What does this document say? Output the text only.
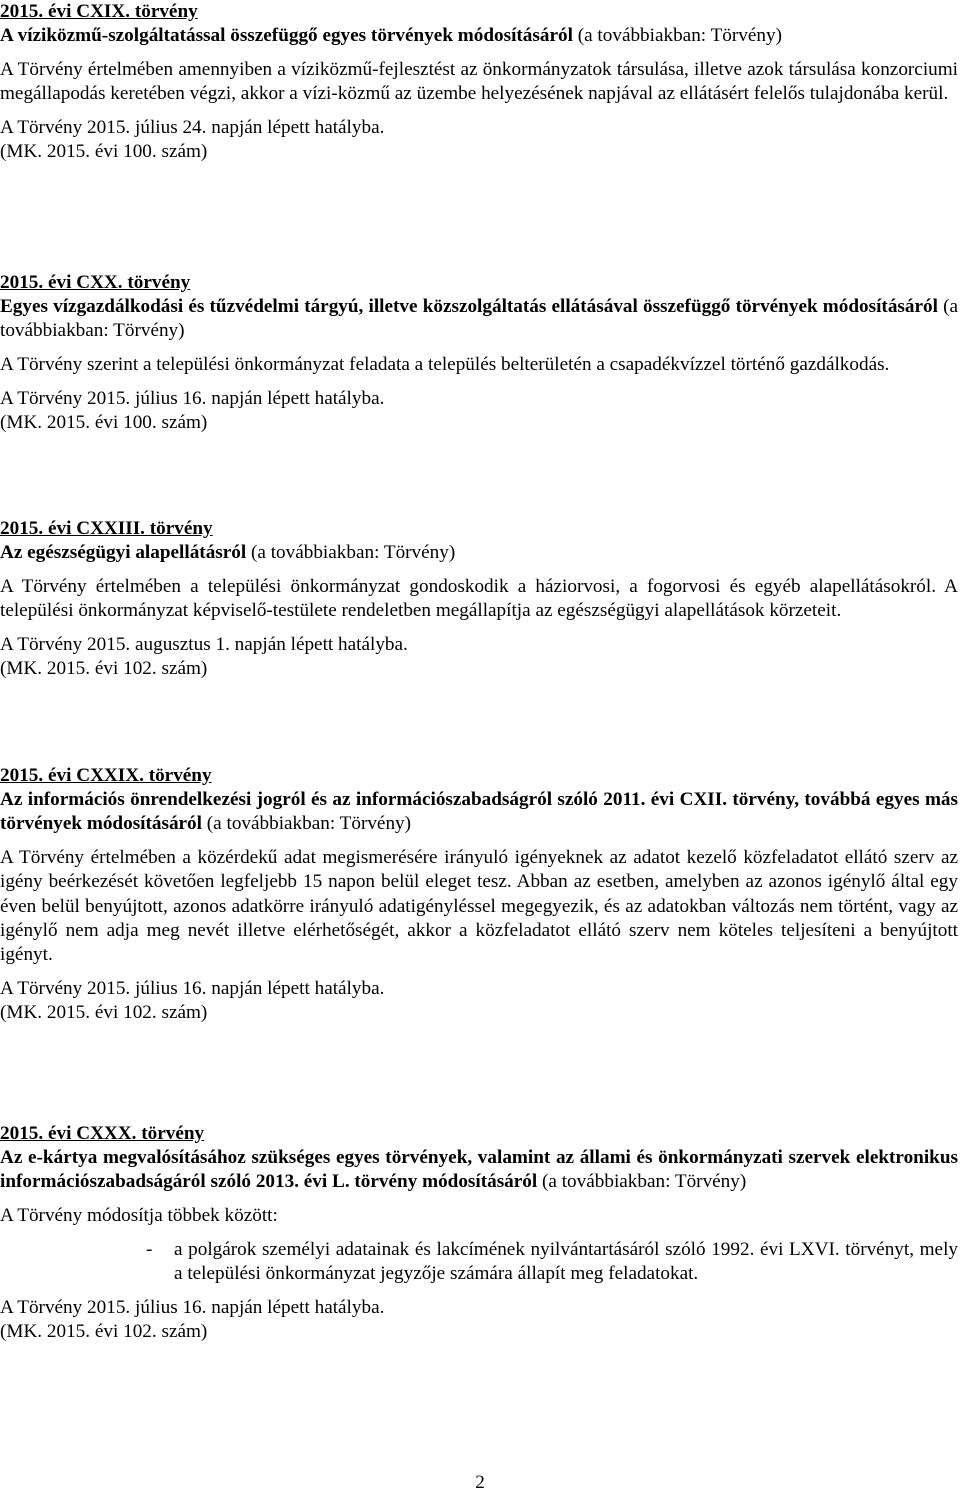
2015. évi CXIX. törvény

A víziközmű-szolgáltatással összefüggő egyes törvények módosításáról (a továbbiakban: Törvény)

A Törvény értelmében amennyiben a víziközmű-fejlesztést az önkormányzatok társulása, illetve azok társulása konzorciumi megállapodás keretében végzi, akkor a vízi-közmű az üzembe helyezésének napjával az ellátásért felelős tulajdonába kerül.

A Törvény 2015. július 24. napján lépett hatályba.

(MK. 2015. évi 100. szám)

2015. évi CXX. törvény

Egyes vízgazdálkodási és tűzvédelmi tárgyú, illetve közszolgáltatás ellátásával összefüggő törvények módosításáról (a továbbiakban: Törvény)

A Törvény szerint a települési önkormányzat feladata a település belterületén a csapadékvízzel történő gazdálkodás.

A Törvény 2015. július 16. napján lépett hatályba.

(MK. 2015. évi 100. szám)

2015. évi CXXIII. törvény

Az egészségügyi alapellátásról (a továbbiakban: Törvény)

A Törvény értelmében a települési önkormányzat gondoskodik a háziorvosi, a fogorvosi és egyéb alapellátásokról. A települési önkormányzat képviselő-testülete rendeletben megállapítja az egészségügyi alapellátások körzeteit.

A Törvény 2015. augusztus 1. napján lépett hatályba.

(MK. 2015. évi 102. szám)

2015. évi CXXIX. törvény

Az információs önrendelkezési jogról és az információszabadságról szóló 2011. évi CXII. törvény, továbbá egyes más törvények módosításáról (a továbbiakban: Törvény)

A Törvény értelmében a közérdekű adat megismerésére irányuló igényeknek az adatot kezelő közfeladatot ellátó szerv az igény beérkezését követően legfeljebb 15 napon belül eleget tesz. Abban az esetben, amelyben az azonos igénylő által egy éven belül benyújtott, azonos adatkörre irányuló adatigényléssel megegyezik, és az adatokban változás nem történt, vagy az igénylő nem adja meg nevét illetve elérhetőségét, akkor a közfeladatot ellátó szerv nem köteles teljesíteni a benyújtott igényt.

A Törvény 2015. július 16. napján lépett hatályba.

(MK. 2015. évi 102. szám)

2015. évi CXXX. törvény

Az e-kártya megvalósításához szükséges egyes törvények, valamint az állami és önkormányzati szervek elektronikus információszabadságáról szóló 2013. évi L. törvény módosításáról (a továbbiakban: Törvény)

A Törvény módosítja többek között:

- a polgárok személyi adatainak és lakcímének nyilvántartásáról szóló 1992. évi LXVI. törvényt, mely a települési önkormányzat jegyzője számára állapít meg feladatokat.

A Törvény 2015. július 16. napján lépett hatályba.

(MK. 2015. évi 102. szám)

2
